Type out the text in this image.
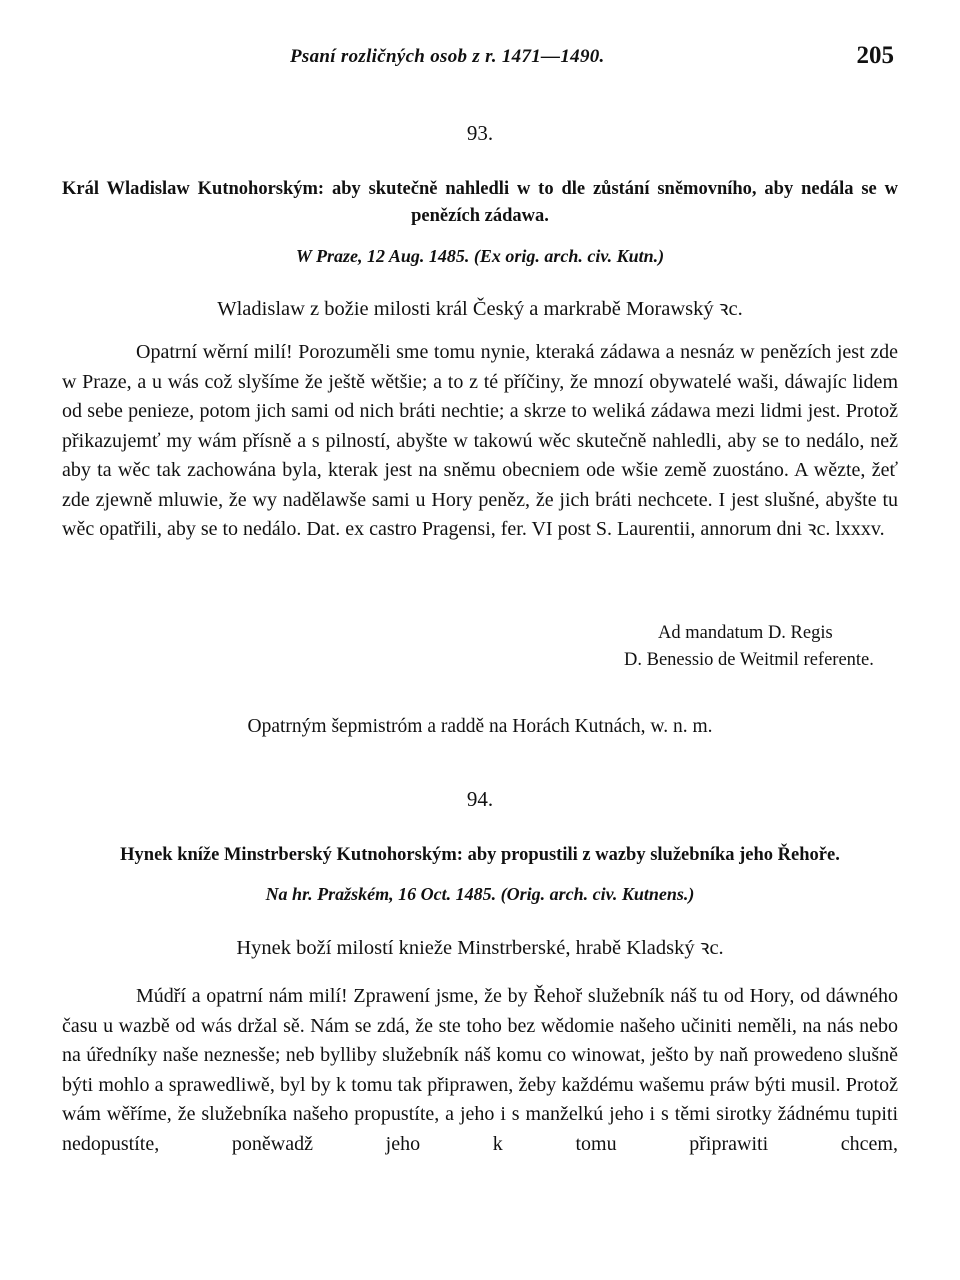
Psaní rozličných osob z r. 1471—1490.	205
93.
Král Wladislaw Kutnohorským: aby skutečně nahledli w to dle zůstání sněmovního, aby nedála se w penězích zádawa.
W Praze, 12 Aug. 1485. (Ex orig. arch. civ. Kutn.)
Wladislaw z božie milosti král Český a markrabě Morawský ꝛc.

Opatrní wěrní milí! Porozuměli sme tomu nynie, kteraká zádawa a nesnáz w penězích jest zde w Praze, a u wás což slyšíme že ještě wětšie; a to z té příčiny, že mnozí obywatelé waši, dáwajíc lidem od sebe penieze, potom jich sami od nich bráti nechtie; a skrze to weliká zádawa mezi lidmi jest. Protož přikazujemť my wám přísně a s pilností, abyšte w takowú wěc skutečně nahledli, aby se to nedálo, než aby ta wěc tak zachowána byla, kterak jest na sněmu obecniem ode wšie země zuostáno. A wězte, žeť zde zjewně mluwie, že wy nadělawše sami u Hory peněz, že jich bráti nechcete. I jest slušné, abyšte tu wěc opatřili, aby se to nedálo. Dat. ex castro Pragensi, fer. VI post S. Laurentii, annorum dni ꝛc. lxxxv.

Ad mandatum D. Regis
D. Benessio de Weitmil referente.
Opatrným šepmistróm a raddě na Horách Kutnách, w. n. m.
94.
Hynek kníže Minstrberský Kutnohorským: aby propustili z wazby služebníka jeho Řehoře.
Na hr. Pražském, 16 Oct. 1485. (Orig. arch. civ. Kutnens.)
Hynek boží milostí knieže Minstrberské, hrabě Kladský ꝛc.

Múdří a opatrní nám milí! Zprawení jsme, že by Řehoř služebník náš tu od Hory, od dáwného času u wazbě od wás držal sě. Nám se zdá, že ste toho bez wědomie našeho učiniti neměli, na nás nebo na úředníky naše neznesše; neb bylliby služebník náš komu co winowat, ješto by naň prowedeno slušně býti mohlo a sprawedliwě, byl by k tomu tak připrawen, žeby každému wašemu práw býti musil. Protož wám wěříme, že služebníka našeho propustíte, a jeho i s manželkú jeho i s těmi sirotky žádnému tupiti nedopustíte, poněwadž jeho k tomu připrawiti chcem,
